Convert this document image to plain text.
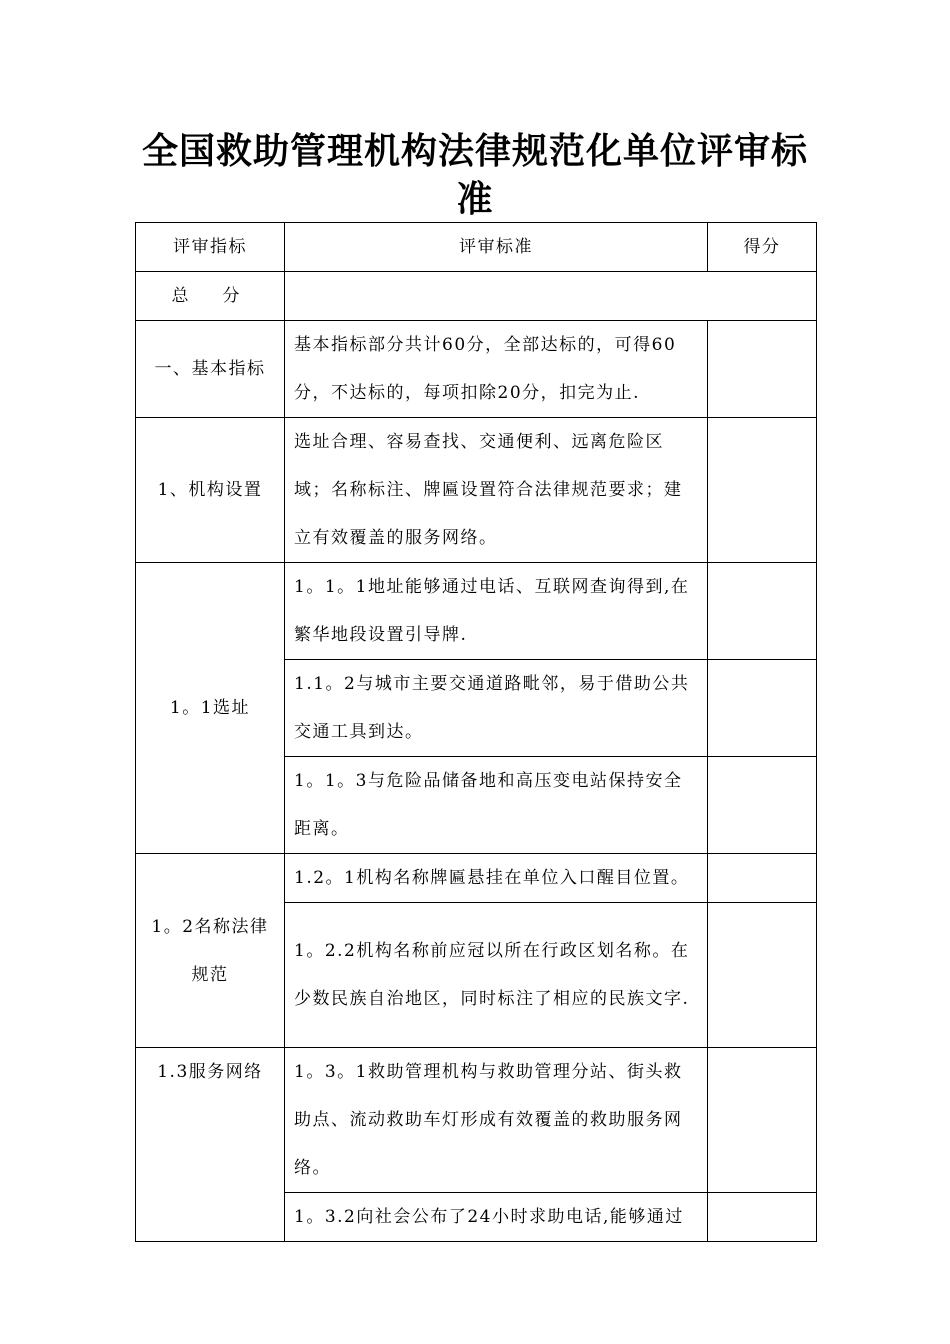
全国救助管理机构法律规范化单位评审标准
评审指标	评审标准	得分
总分		
一、基本指标	基本指标部分共计60分，全部达标的，可得60分，不达标的，每项扣除20分，扣完为止.	
1、机构设置	选址合理、容易查找、交通便利、远离危险区域；名称标注、牌匾设置符合法律规范要求；建立有效覆盖的服务网络。	
1。1选址	1。1。1地址能够通过电话、互联网查询得到,在繁华地段设置引导牌.	
	1.1。2与城市主要交通道路毗邻，易于借助公共交通工具到达。	
	1。1。3与危险品储备地和高压变电站保持安全距离。	
1。2名称法律规范	1.2。1机构名称牌匾悬挂在单位入口醒目位置。	
	1。2.2机构名称前应冠以所在行政区划名称。在少数民族自治地区，同时标注了相应的民族文字.	
1.3服务网络	1。3。1救助管理机构与救助管理分站、街头救助点、流动救助车灯形成有效覆盖的救助服务网络。	
	1。3.2向社会公布了24小时求助电话,能够通过	
